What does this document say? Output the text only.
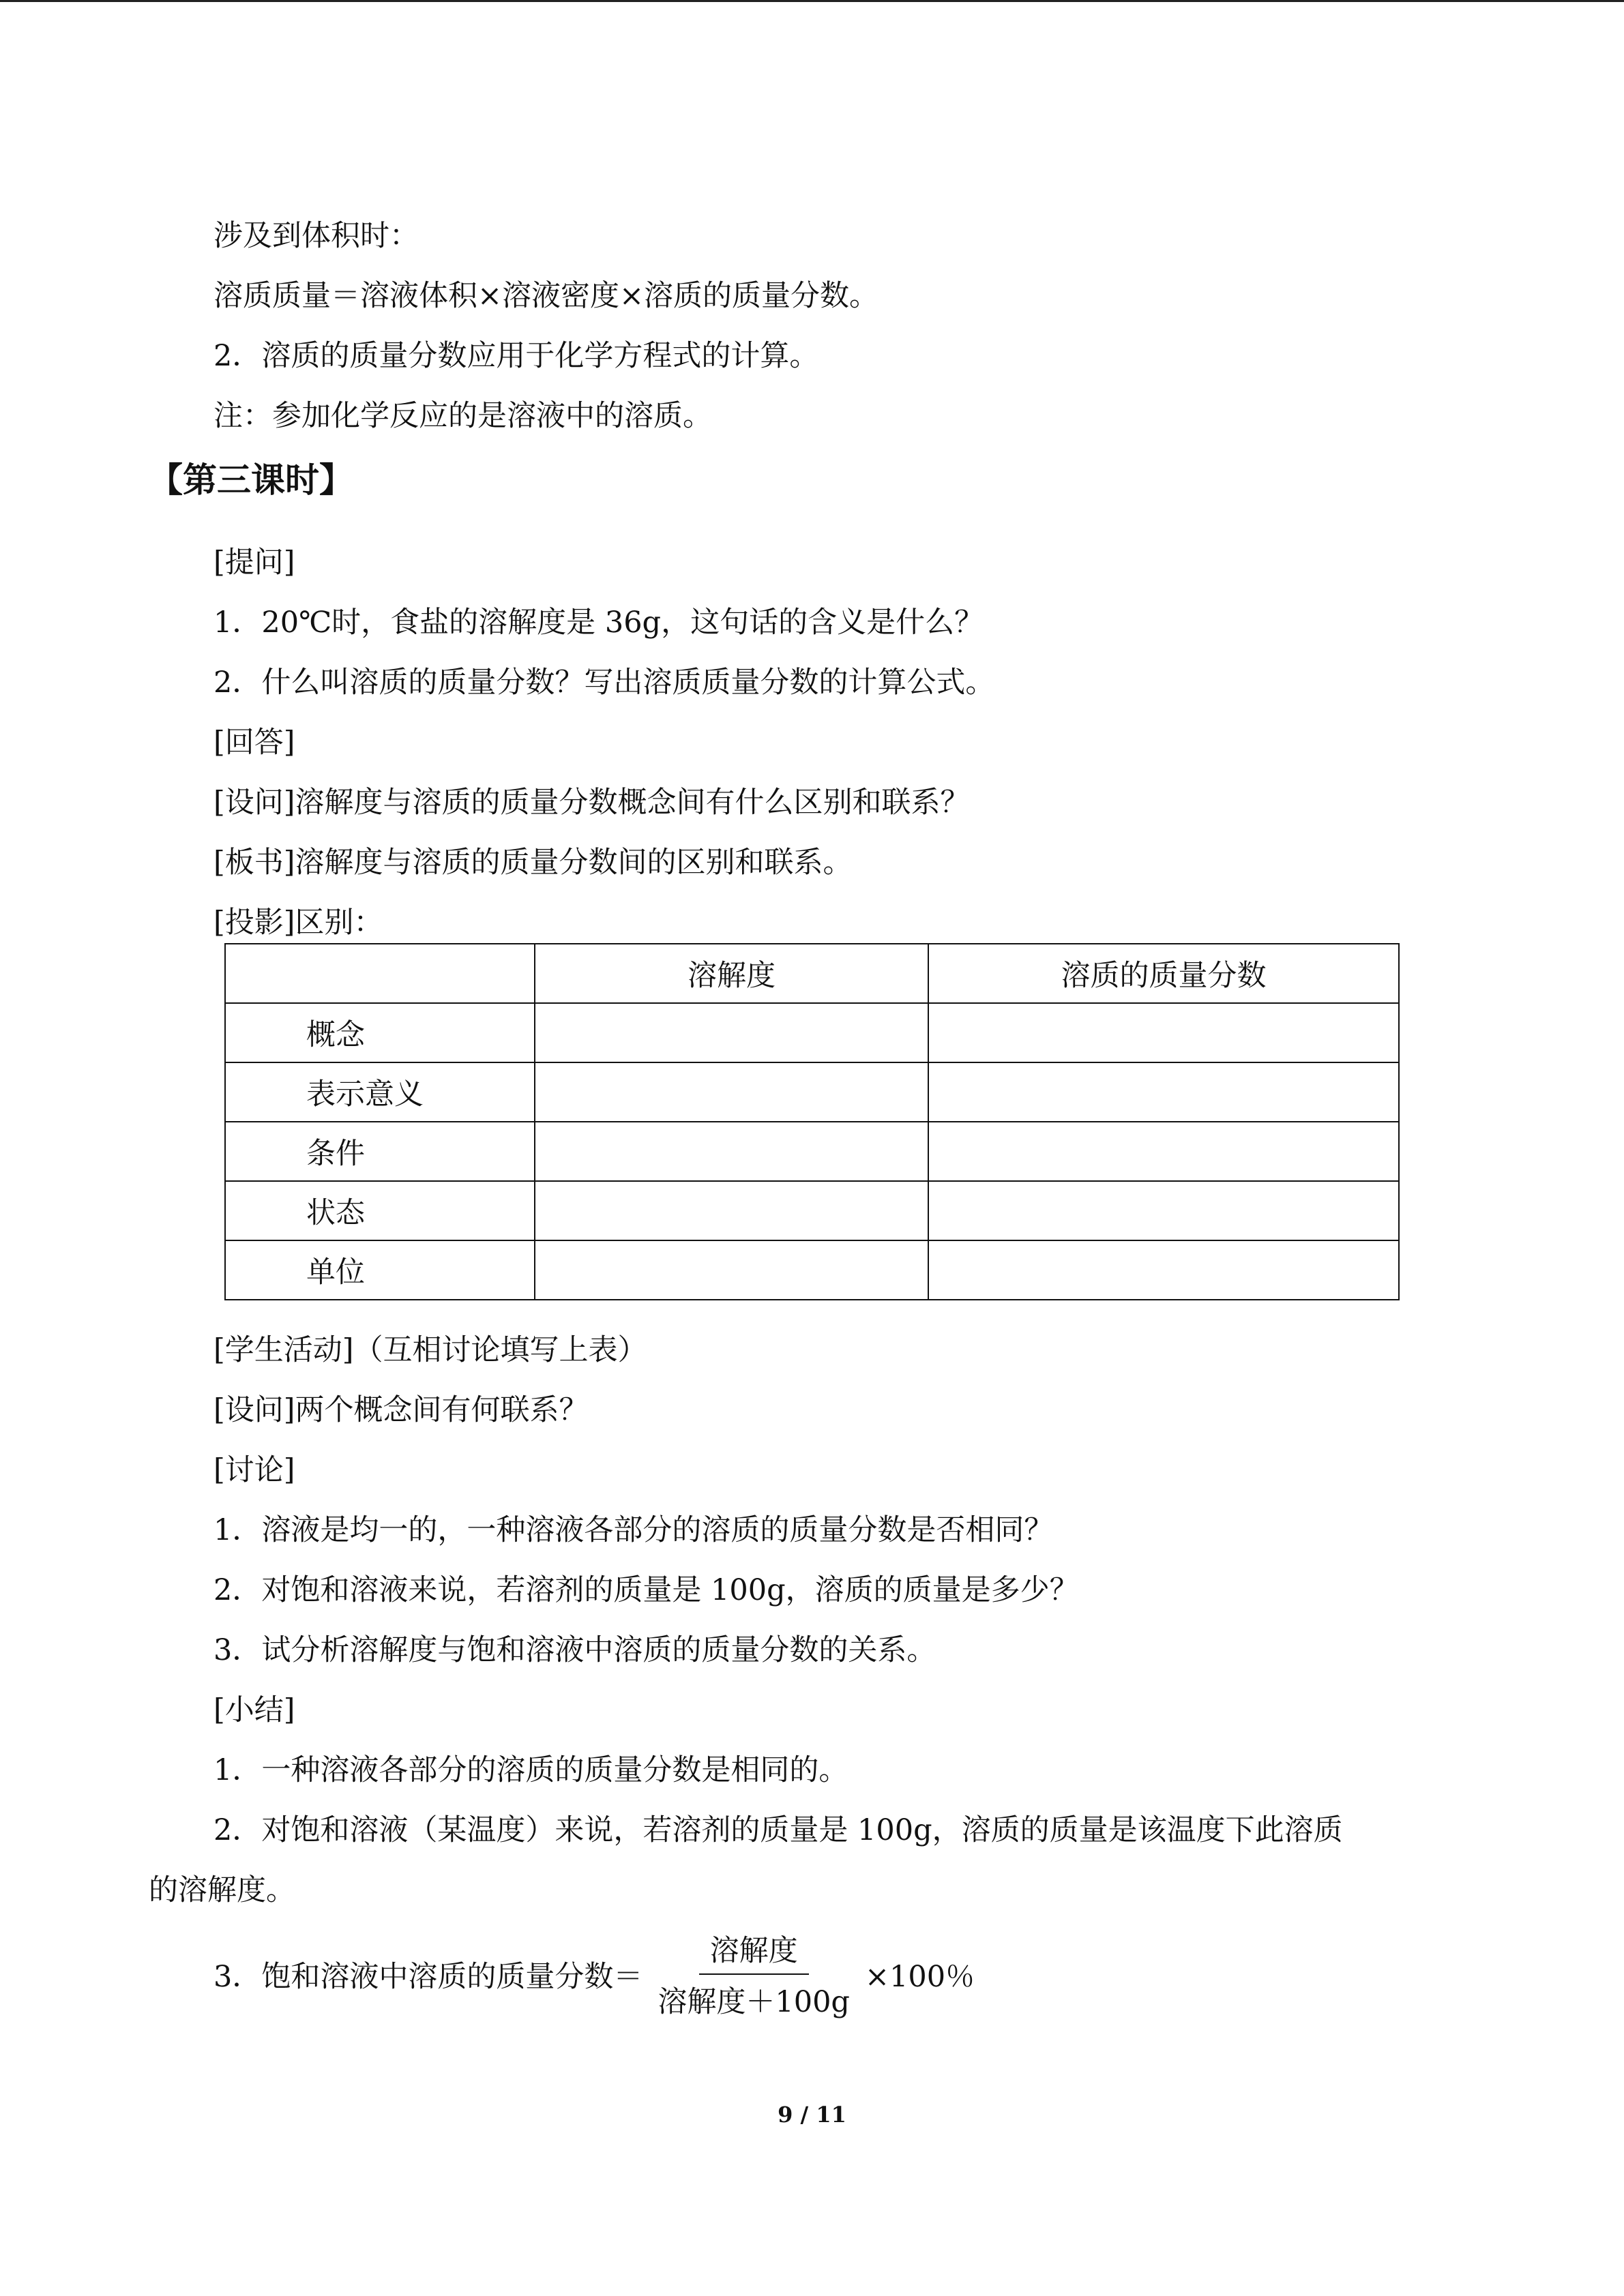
涉及到体积时：
溶质质量＝溶液体积×溶液密度×溶质的质量分数。
2．溶质的质量分数应用于化学方程式的计算。
注：参加化学反应的是溶液中的溶质。
【第三课时】
[提问]
1．20℃时，食盐的溶解度是 36g，这句话的含义是什么？
2．什么叫溶质的质量分数？写出溶质质量分数的计算公式。
[回答]
[设问]溶解度与溶质的质量分数概念间有什么区别和联系？
[板书]溶解度与溶质的质量分数间的区别和联系。
[投影]区别：
	溶解度	溶质的质量分数
概念		
表示意义		
条件		
状态		
单位		
[学生活动]（互相讨论填写上表）
[设问]两个概念间有何联系？
[讨论]
1．溶液是均一的，一种溶液各部分的溶质的质量分数是否相同？
2．对饱和溶液来说，若溶剂的质量是 100g，溶质的质量是多少？
3．试分析溶解度与饱和溶液中溶质的质量分数的关系。
[小结]
1．一种溶液各部分的溶质的质量分数是相同的。
2．对饱和溶液（某温度）来说，若溶剂的质量是 100g，溶质的质量是该温度下此溶质
的溶解度。
3．饱和溶液中溶质的质量分数＝ $\frac{\text{溶解度}}{\text{溶解度＋100g}} \times 100$％
9 / 11
